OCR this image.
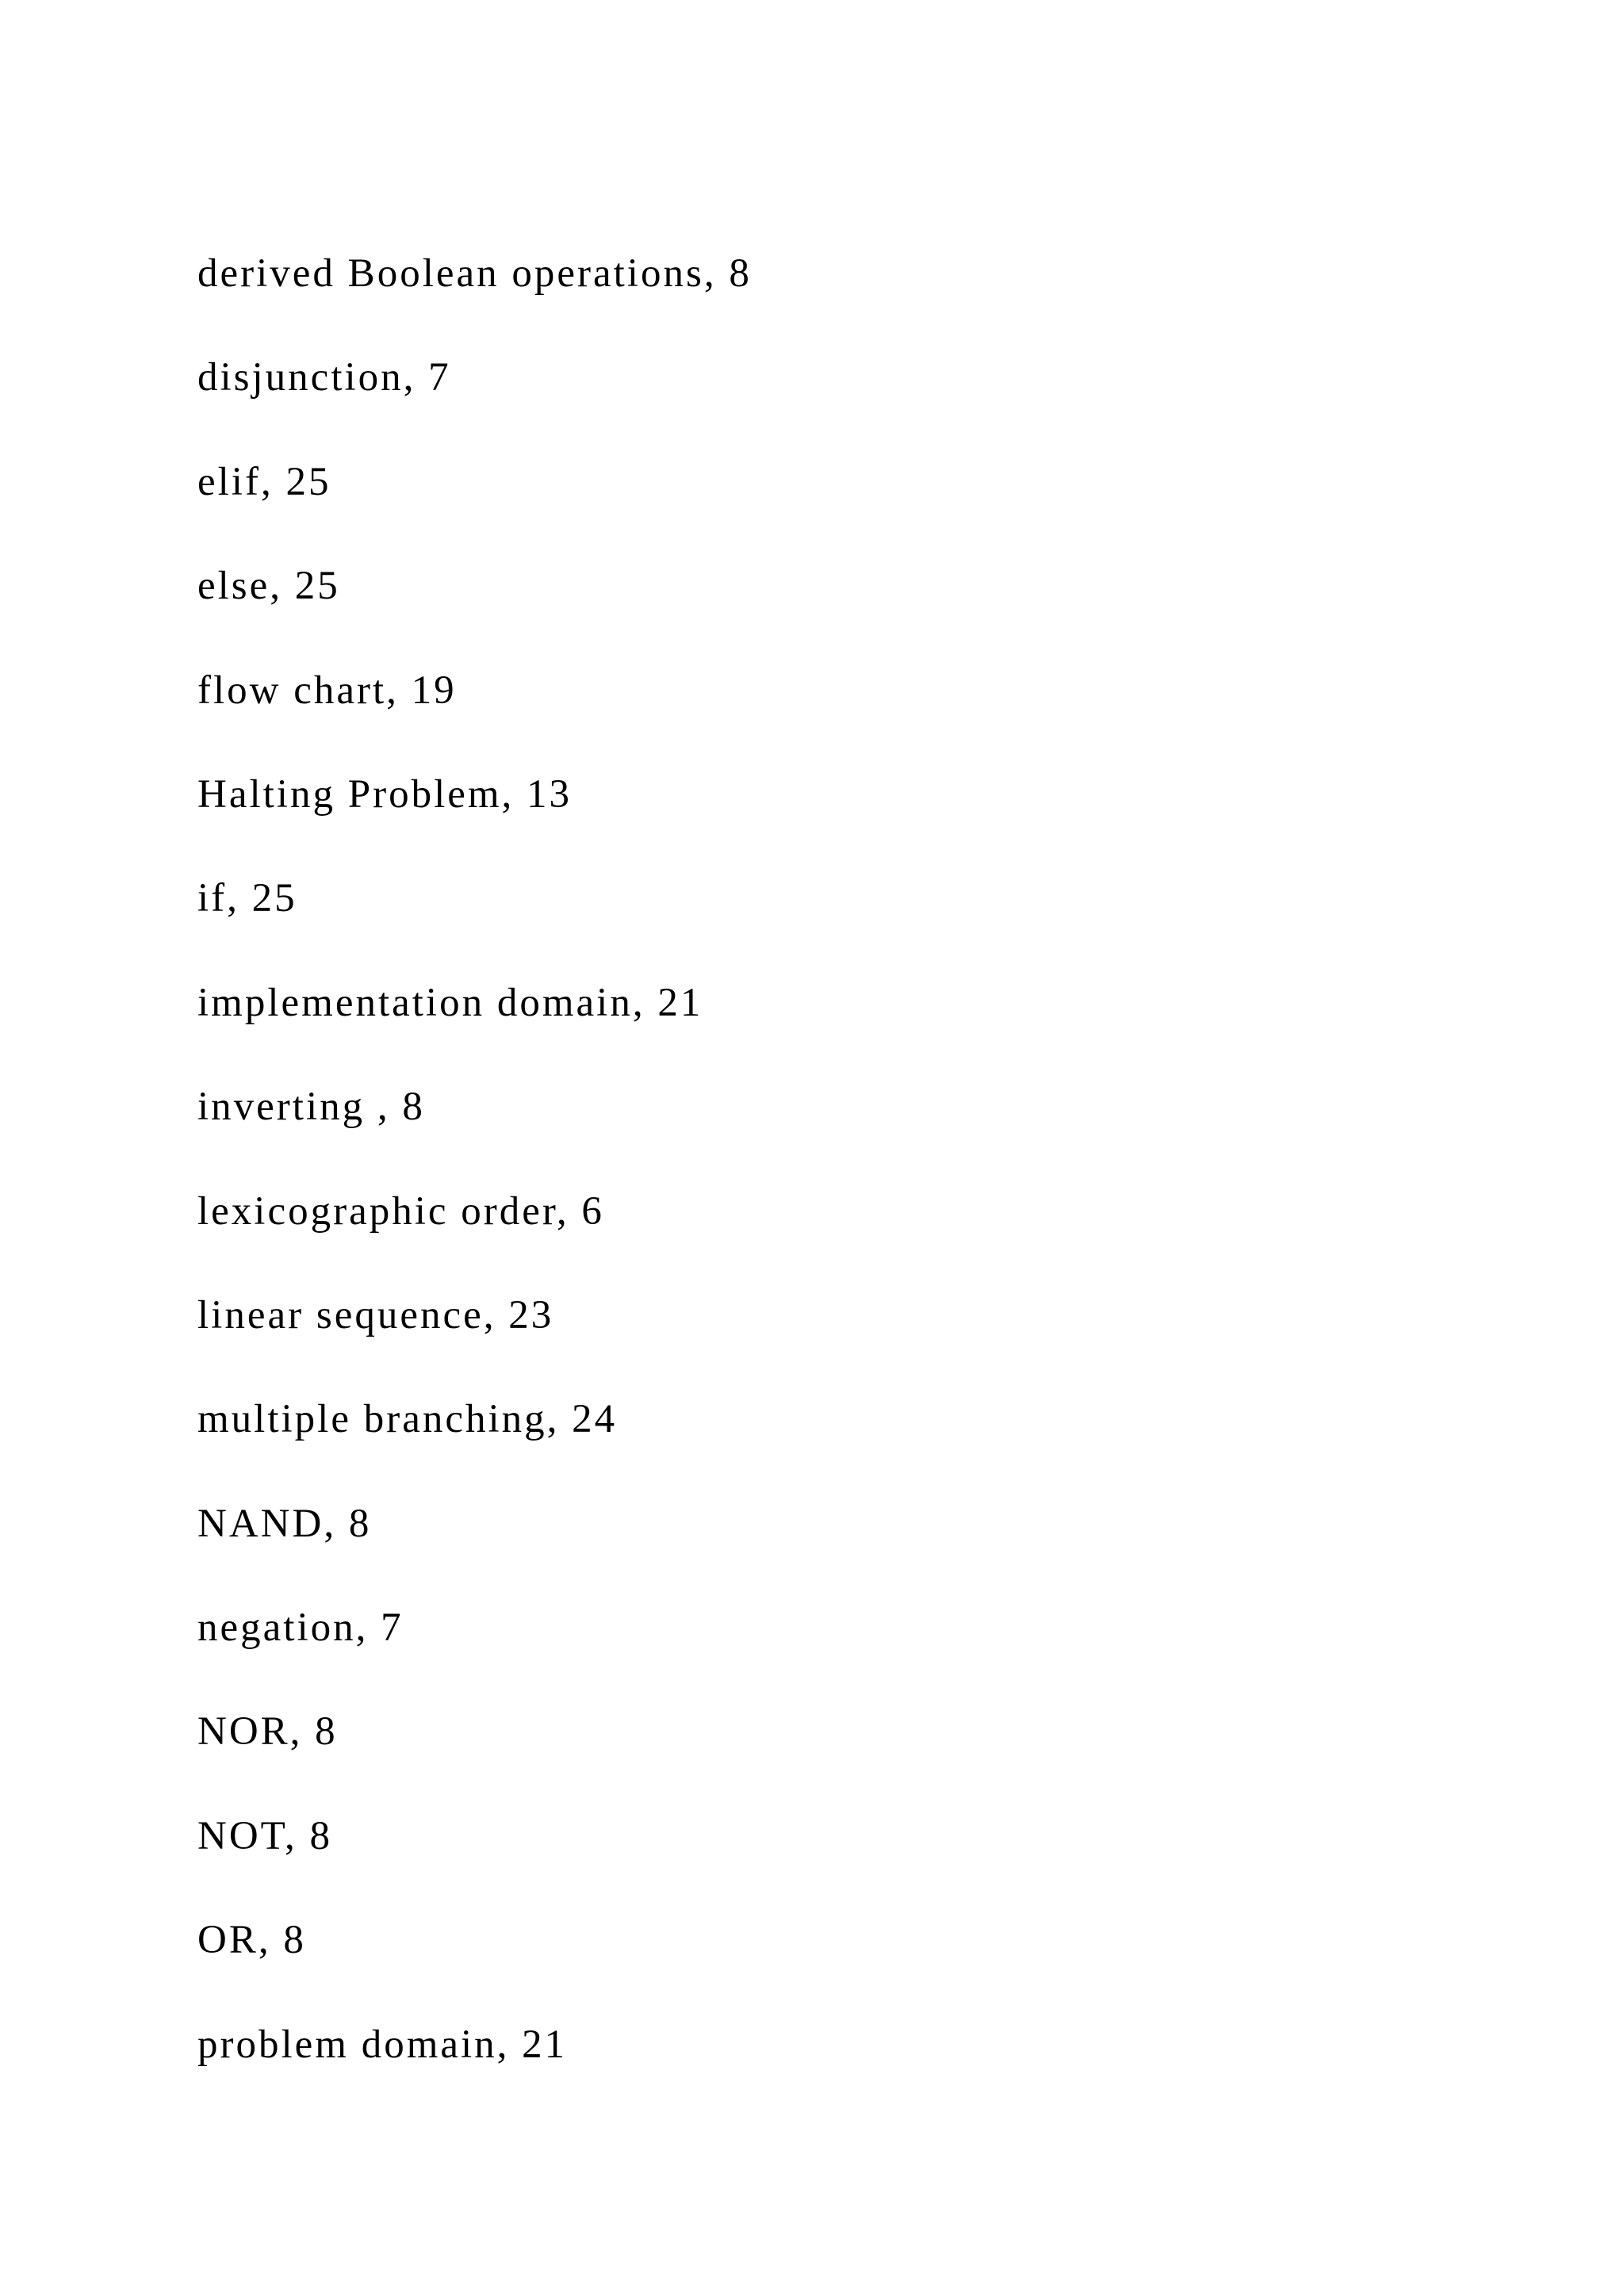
derived Boolean operations, 8
disjunction, 7
elif, 25
else, 25
flow chart, 19
Halting Problem, 13
if, 25
implementation domain, 21
inverting , 8
lexicographic order, 6
linear sequence, 23
multiple branching, 24
NAND, 8
negation, 7
NOR, 8
NOT, 8
OR, 8
problem domain, 21
